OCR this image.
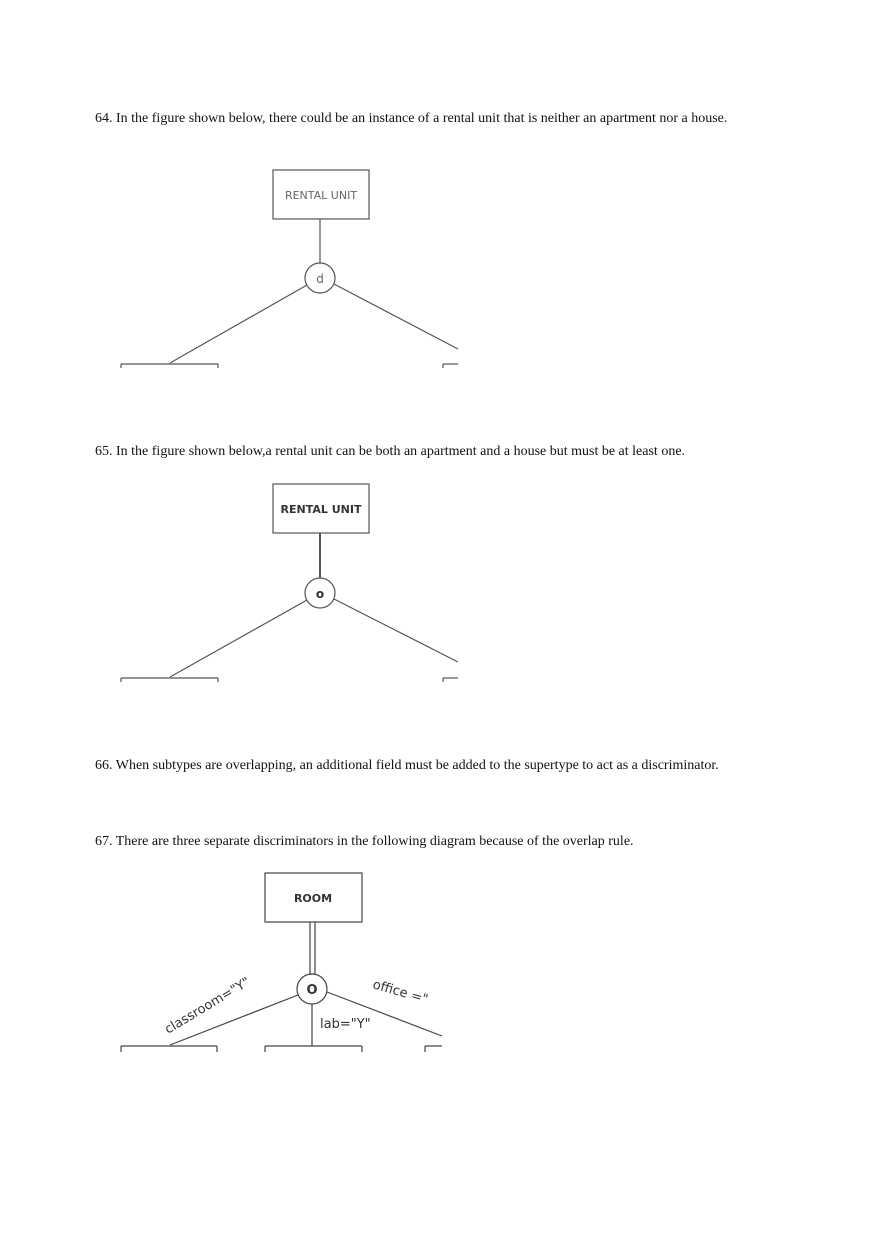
64. In the figure shown below, there could be an instance of a rental unit that is neither an apartment nor a house.
65. In the figure shown below,a rental unit can be both an apartment and a house but must be at least one.
66. When subtypes are overlapping, an additional field must be added to the supertype to act as a discriminator.
67. There are three separate discriminators in the following diagram because of the overlap rule.
RENTAL UNIT
d
RENTAL UNIT
o
ROOM
O
classroom="Y"	lab="Y"
office ="
